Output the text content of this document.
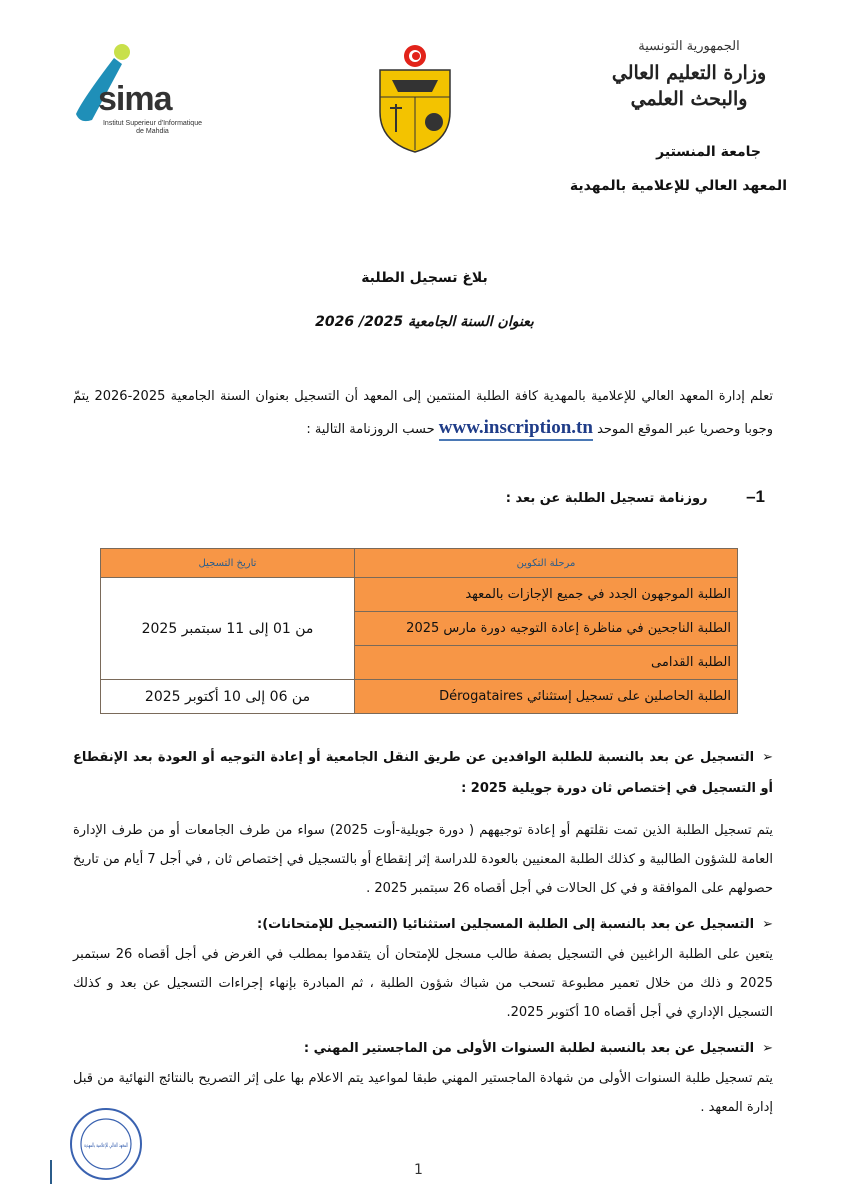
sima
Institut Superieur d'Informatique de Mahdia
الجمهورية التونسية
وزارة التعليم العالي
والبحث العلمي
جامعة المنستير
المعهد العالي للإعلامية بالمهدية
بلاغ تسجيل الطلبة
بعنوان السنة الجامعية 2025/ 2026
تعلم إدارة المعهد العالي للإعلامية بالمهدية كافة الطلبة المنتمين إلى المعهد أن التسجيل بعنوان السنة الجامعية 2025-2026 يتمّ وجوبا وحصريا عبر الموقع الموحد www.inscription.tn حسب الروزنامة التالية :
1– روزنامة تسجيل الطلبة عن بعد :
مرحلة التكوين	تاريخ التسجيل
الطلبة الموجهون الجدد في جميع الإجازات بالمعهد	من 01 إلى 11 سبتمبر 2025
الطلبة الناجحين في مناظرة إعادة التوجيه دورة مارس 2025	
الطلبة القدامى	
الطلبة الحاصلين على تسجيل إستثنائي Dérogataires	من 06 إلى 10 أكتوبر 2025
➢التسجيل عن بعد بالنسبة للطلبة الوافدين عن طريق النقل الجامعية أو إعادة التوجيه أو العودة بعد الإنقطاع أو التسجيل في إختصاص ثان دورة جويلية 2025 :
يتم تسجيل الطلبة الذين تمت نقلتهم أو إعادة توجيههم ( دورة جويلية-أوت 2025) سواء من طرف الجامعات أو من طرف الإدارة العامة للشؤون الطالبية و كذلك الطلبة المعنيين بالعودة للدراسة إثر إنقطاع أو بالتسجيل في إختصاص ثان , في أجل 7 أيام من تاريخ حصولهم على الموافقة و في كل الحالات في أجل أقصاه 26 سبتمبر 2025 .
➢التسجيل عن بعد بالنسبة إلى الطلبة المسجلين استثنائيا (التسجيل للإمتحانات):
يتعين على الطلبة الراغبين في التسجيل بصفة طالب مسجل للإمتحان أن يتقدموا بمطلب في الغرض في أجل أقصاه 26 سبتمبر 2025 و ذلك من خلال تعمير مطبوعة تسحب من شباك شؤون الطلبة ، ثم المبادرة بإنهاء إجراءات التسجيل عن بعد و كذلك التسجيل الإداري في أجل أقصاه 10 أكتوبر 2025.
➢التسجيل عن بعد بالنسبة لطلبة السنوات الأولى من الماجستير المهني :
يتم تسجيل طلبة السنوات الأولى من شهادة الماجستير المهني طبقا لمواعيد يتم الاعلام بها على إثر التصريح بالنتائج النهائية من قبل إدارة المعهد .
المعهد العالي للإعلامية بالمهدية
1
